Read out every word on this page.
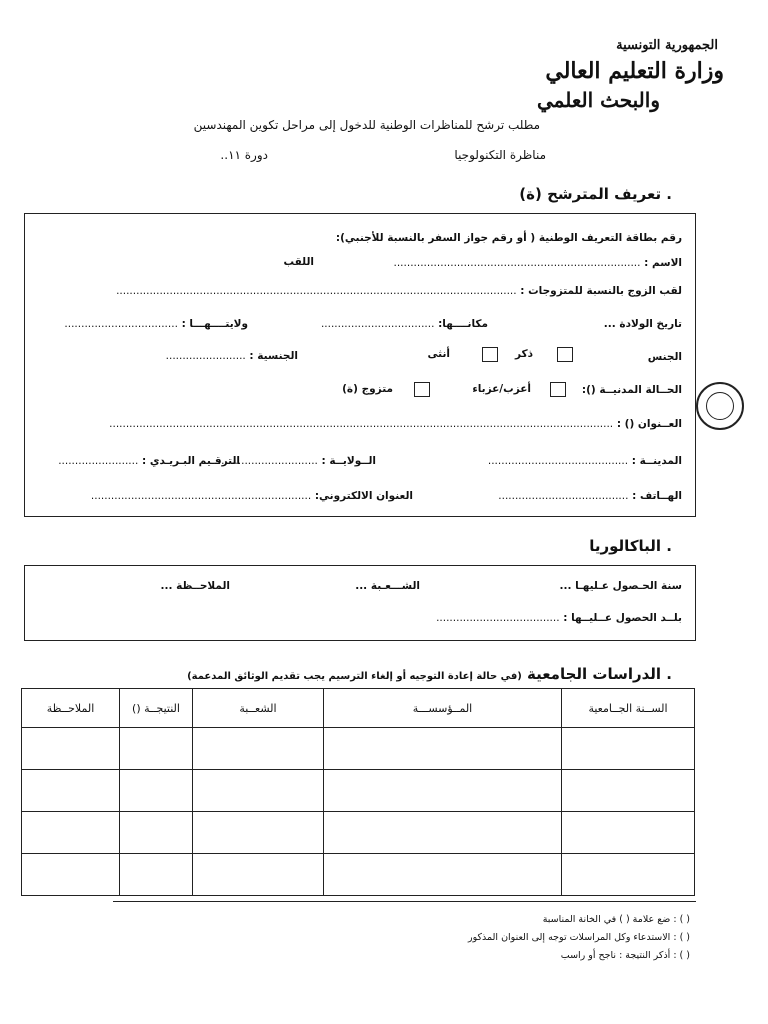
الجمهورية التونسية
وزارة التعليم العالي
والبحث العلمي
مطلب ترشح للمناظرات الوطنية للدخول إلى مراحل تكوين المهندسين
مناظرة التكنولوجيا
دورة ۱۱..
. تعريف المترشح (ة)
رقم بطاقة التعريف الوطنية ( أو رقم جواز السفر بالنسبة للأجنبي):
الاسم : ..........................................................................
اللقب
لقب الزوج بالنسبة للمتزوجات : ........................................................................................................................
تاريخ الولادة ...
مكانــــها: ..................................
ولايتــــهـــا : ..................................
الجنس
ذكر
أنثى
الجنسية : ........................
الحــالة المدنيــة ():
أعزب/عزباء
متزوج (ة)
العــنوان () : .......................................................................................................................................................
المدينــة : ..........................................
الــولايــة : ...............................
الترقـيم البـريـدي : ........................
الهــاتف : .......................................
العنوان الالكتروني: ..................................................................
. الباكالوريا
سنة الحـصول عـليهـا ...
الشـــعـبة ...
الملاحــظة ...
بلــد الحصول عــليــها : .....................................
. الدراسات الجامعية (في حالة إعادة التوجيه أو إلغاء الترسيم يجب تقديم الوثائق المدعمة)
الســنة الجــامعية	المــؤسســـة	الشعــبة	النتيجــة ()	الملاحــظة

( ) : ضع علامة ( ) في الخانة المناسبة
( ) : الاستدعاء وكل المراسلات توجه إلى العنوان المذكور
( ) : أذكر النتيجة : ناجح أو راسب
